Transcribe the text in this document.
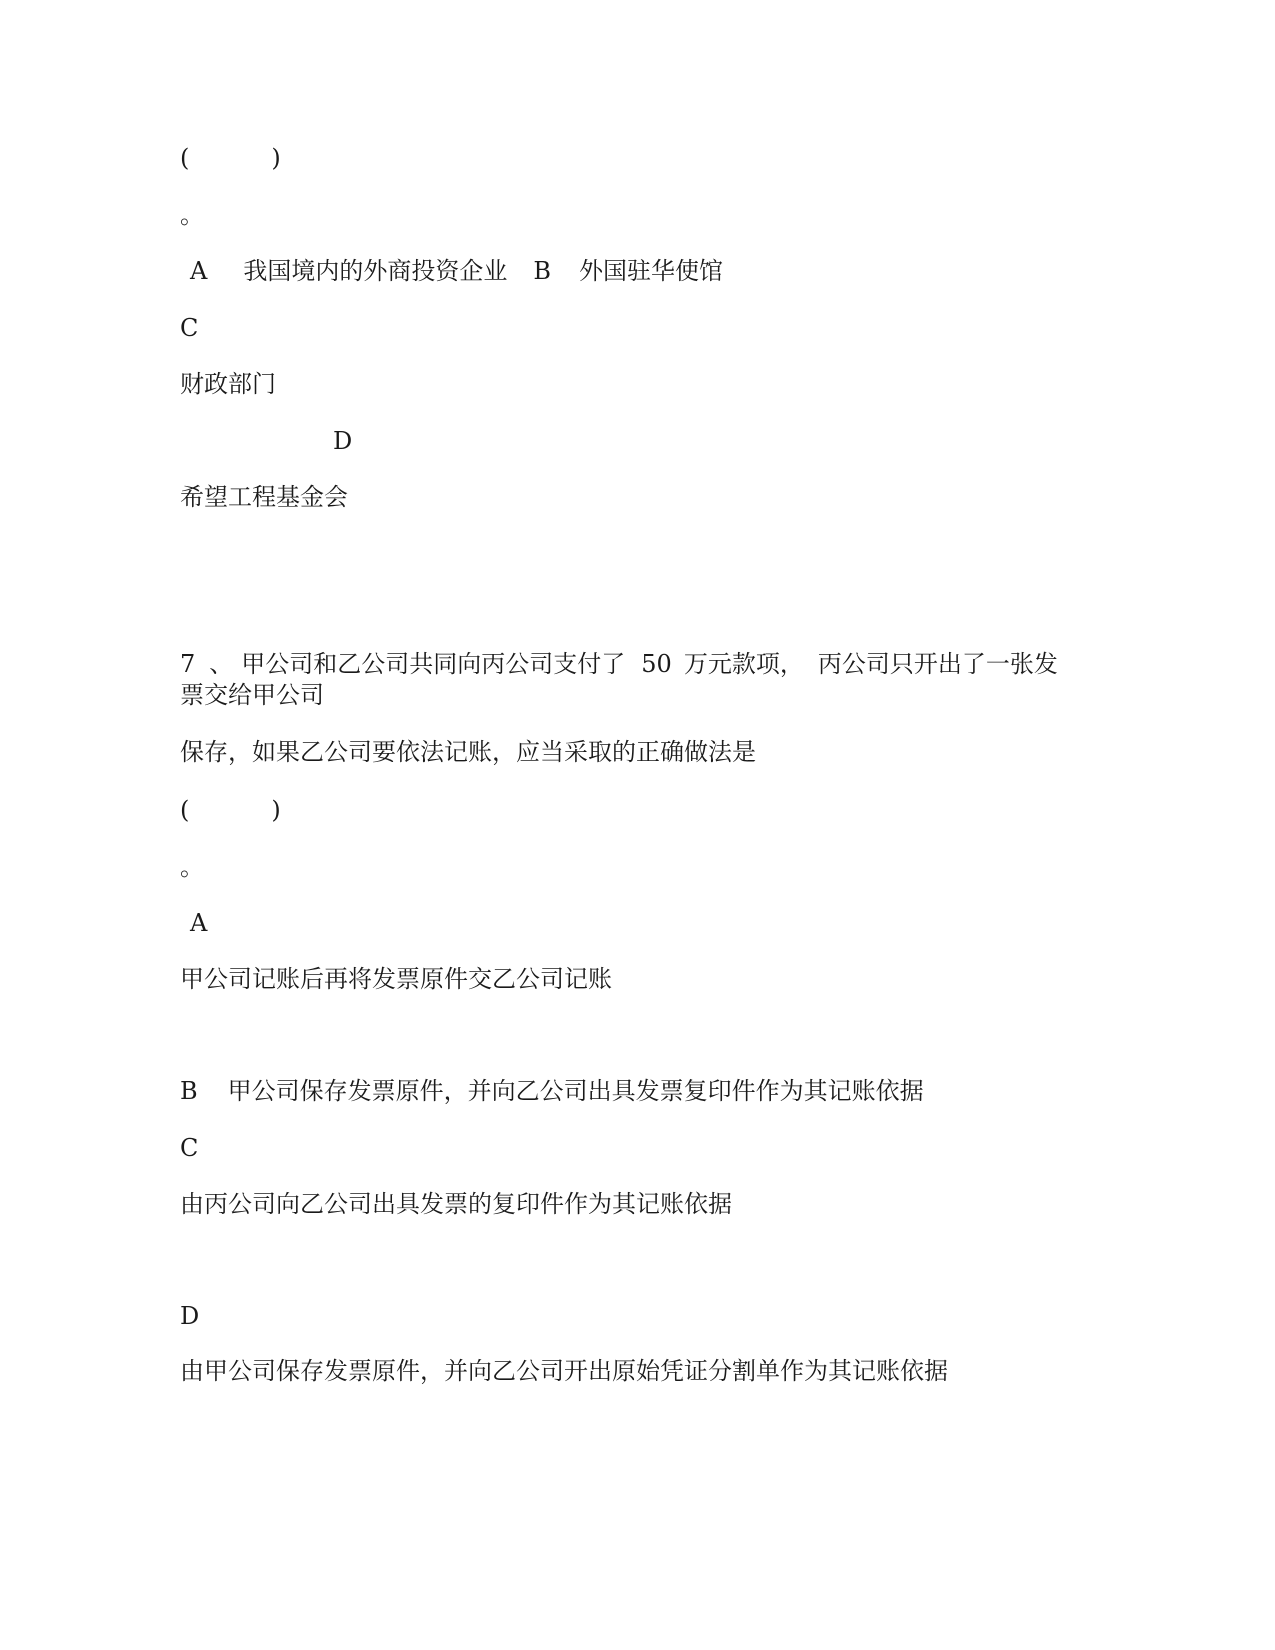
(	)
。
A 我国境内的外商投资企业 B 外国驻华使馆
C
财政部门
D
希望工程基金会
7 、 甲公司和乙公司共同向丙公司支付了 50 万元款项， 丙公司只开出了一张发
票交给甲公司
保存，如果乙公司要依法记账，应当采取的正确做法是
(	)
。
A
甲公司记账后再将发票原件交乙公司记账
B 甲公司保存发票原件，并向乙公司出具发票复印件作为其记账依据
C
由丙公司向乙公司出具发票的复印件作为其记账依据
D
由甲公司保存发票原件，并向乙公司开出原始凭证分割单作为其记账依据
